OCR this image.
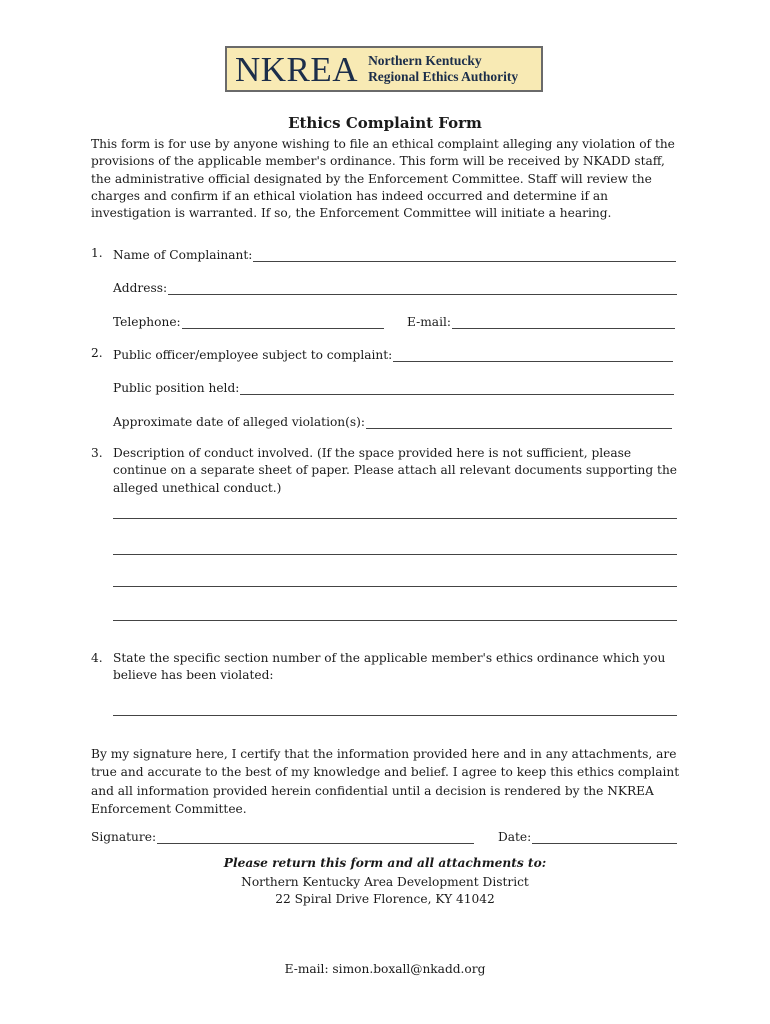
NKREA Northern Kentucky
Regional Ethics Authority
Ethics Complaint Form
This form is for use by anyone wishing to file an ethical complaint alleging any violation of the provisions of the applicable member's ordinance. This form will be received by NKADD staff, the administrative official designated by the Enforcement Committee. Staff will review the charges and confirm if an ethical violation has indeed occurred and determine if an investigation is warranted. If so, the Enforcement Committee will initiate a hearing.
1. Name of Complainant:
Address:
Telephone:	E-mail:
2. Public officer/employee subject to complaint:
Public position held:
Approximate date of alleged violation(s):
3. Description of conduct involved. (If the space provided here is not sufficient, please continue on a separate sheet of paper. Please attach all relevant documents supporting the alleged unethical conduct.)
4. State the specific section number of the applicable member's ethics ordinance which you believe has been violated:
By my signature here, I certify that the information provided here and in any attachments, are true and accurate to the best of my knowledge and belief. I agree to keep this ethics complaint and all information provided herein confidential until a decision is rendered by the NKREA Enforcement Committee.
Signature:	Date:
Please return this form and all attachments to:
Northern Kentucky Area Development District
22 Spiral Drive Florence, KY 41042
E-mail: simon.boxall@nkadd.org
